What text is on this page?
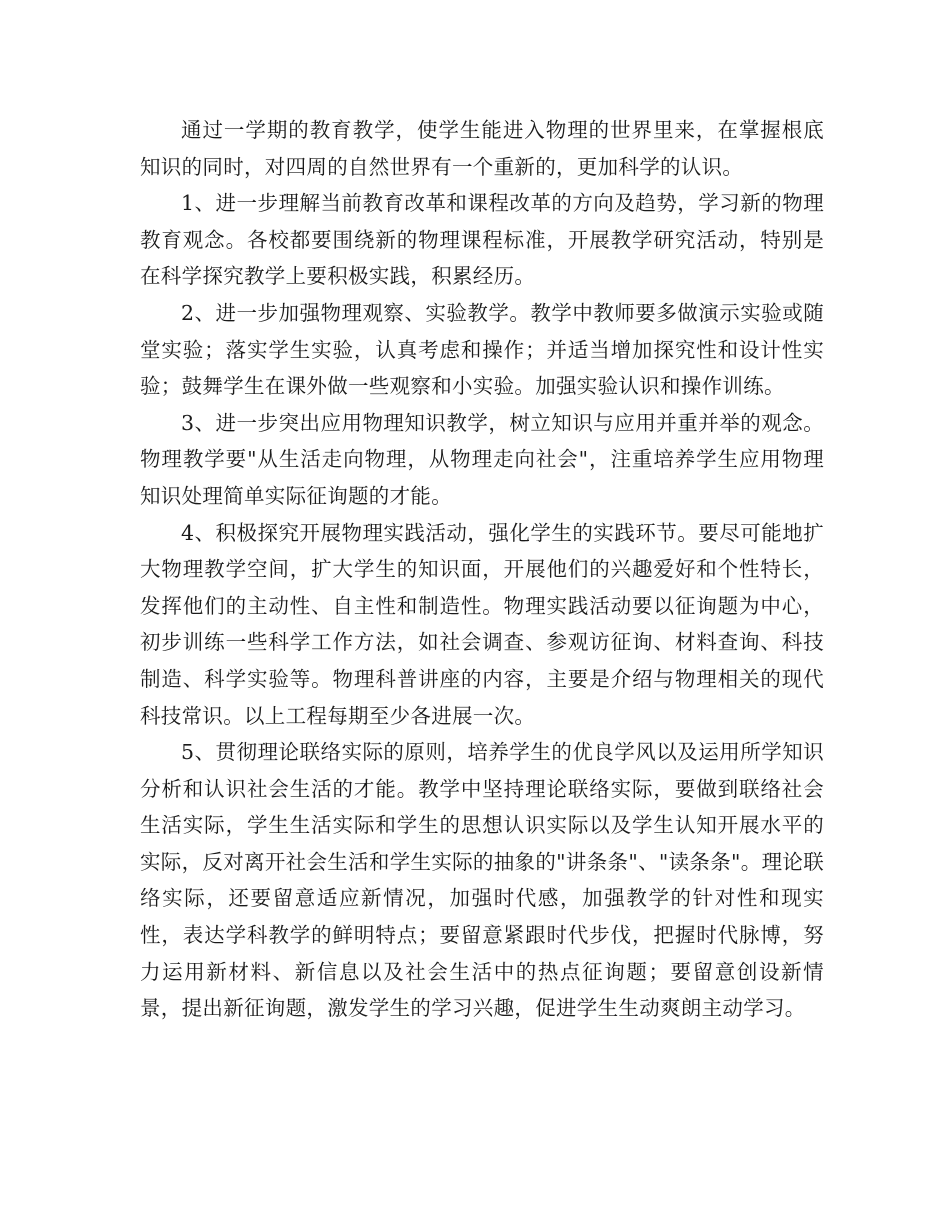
通过一学期的教育教学，使学生能进入物理的世界里来，在掌握根底知识的同时，对四周的自然世界有一个重新的，更加科学的认识。

1、进一步理解当前教育改革和课程改革的方向及趋势，学习新的物理教育观念。各校都要围绕新的物理课程标准，开展教学研究活动，特别是在科学探究教学上要积极实践，积累经历。

2、进一步加强物理观察、实验教学。教学中教师要多做演示实验或随堂实验；落实学生实验，认真考虑和操作；并适当增加探究性和设计性实验；鼓舞学生在课外做一些观察和小实验。加强实验认识和操作训练。

3、进一步突出应用物理知识教学，树立知识与应用并重并举的观念。物理教学要"从生活走向物理，从物理走向社会"，注重培养学生应用物理知识处理简单实际征询题的才能。

4、积极探究开展物理实践活动，强化学生的实践环节。要尽可能地扩大物理教学空间，扩大学生的知识面，开展他们的兴趣爱好和个性特长，发挥他们的主动性、自主性和制造性。物理实践活动要以征询题为中心，初步训练一些科学工作方法，如社会调查、参观访征询、材料查询、科技制造、科学实验等。物理科普讲座的内容，主要是介绍与物理相关的现代科技常识。以上工程每期至少各进展一次。

5、贯彻理论联络实际的原则，培养学生的优良学风以及运用所学知识分析和认识社会生活的才能。教学中坚持理论联络实际，要做到联络社会生活实际，学生生活实际和学生的思想认识实际以及学生认知开展水平的实际，反对离开社会生活和学生实际的抽象的"讲条条"、"读条条"。理论联络实际，还要留意适应新情况，加强时代感，加强教学的针对性和现实性，表达学科教学的鲜明特点；要留意紧跟时代步伐，把握时代脉博，努力运用新材料、新信息以及社会生活中的热点征询题；要留意创设新情景，提出新征询题，激发学生的学习兴趣，促进学生生动爽朗主动学习。
